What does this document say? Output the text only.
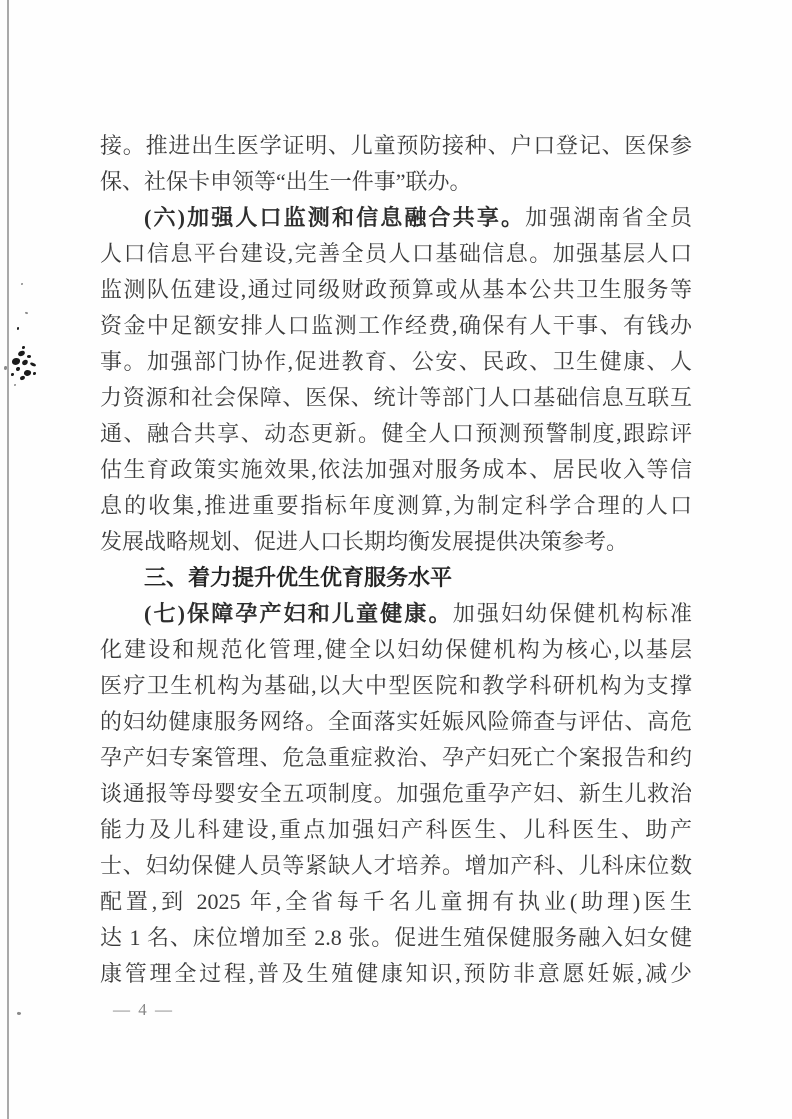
接。推进出生医学证明、儿童预防接种、户口登记、医保参
保、社保卡申领等“出生一件事”联办。
(六)加强人口监测和信息融合共享。加强湖南省全员
人口信息平台建设,完善全员人口基础信息。加强基层人口
监测队伍建设,通过同级财政预算或从基本公共卫生服务等
资金中足额安排人口监测工作经费,确保有人干事、有钱办
事。加强部门协作,促进教育、公安、民政、卫生健康、人
力资源和社会保障、医保、统计等部门人口基础信息互联互
通、融合共享、动态更新。健全人口预测预警制度,跟踪评
估生育政策实施效果,依法加强对服务成本、居民收入等信
息的收集,推进重要指标年度测算,为制定科学合理的人口
发展战略规划、促进人口长期均衡发展提供决策参考。
三、着力提升优生优育服务水平
(七)保障孕产妇和儿童健康。加强妇幼保健机构标准
化建设和规范化管理,健全以妇幼保健机构为核心,以基层
医疗卫生机构为基础,以大中型医院和教学科研机构为支撑
的妇幼健康服务网络。全面落实妊娠风险筛查与评估、高危
孕产妇专案管理、危急重症救治、孕产妇死亡个案报告和约
谈通报等母婴安全五项制度。加强危重孕产妇、新生儿救治
能力及儿科建设,重点加强妇产科医生、儿科医生、助产
士、妇幼保健人员等紧缺人才培养。增加产科、儿科床位数
配置,到 2025 年,全省每千名儿童拥有执业(助理)医生
达 1 名、床位增加至 2.8 张。促进生殖保健服务融入妇女健
康管理全过程,普及生殖健康知识,预防非意愿妊娠,减少
— 4 —
